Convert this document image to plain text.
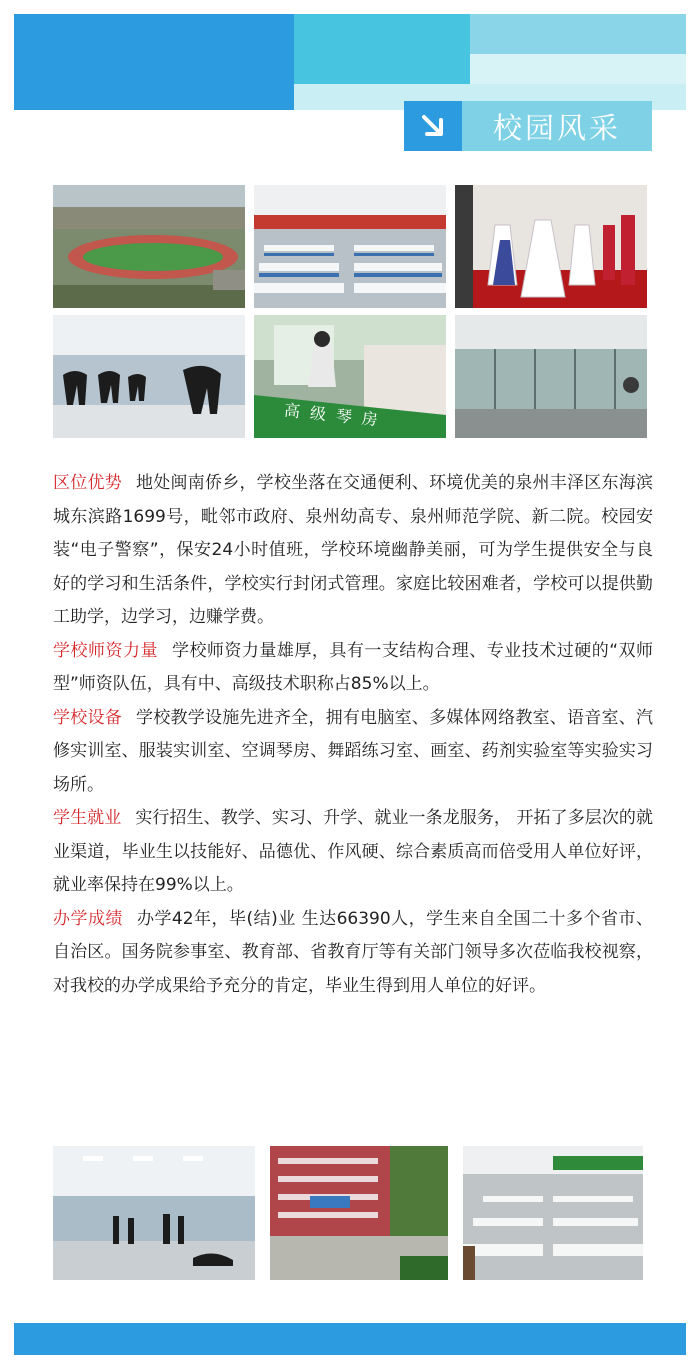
校园风采
高级琴房

区位优势 地处闽南侨乡，学校坐落在交通便利、环境优美的泉州丰泽区东海滨城东滨路1699号，毗邻市政府、泉州幼高专、泉州师范学院、新二院。校园安装“电子警察”，保安24小时值班，学校环境幽静美丽，可为学生提供安全与良好的学习和生活条件，学校实行封闭式管理。家庭比较困难者，学校可以提供勤工助学，边学习，边赚学费。

学校师资力量 学校师资力量雄厚，具有一支结构合理、专业技术过硬的“双师型”师资队伍，具有中、高级技术职称占85%以上。

学校设备 学校教学设施先进齐全，拥有电脑室、多媒体网络教室、语音室、汽修实训室、服装实训室、空调琴房、舞蹈练习室、画室、药剂实验室等实验实习场所。

学生就业 实行招生、教学、实习、升学、就业一条龙服务， 开拓了多层次的就业渠道，毕业生以技能好、品德优、作风硬、综合素质高而倍受用人单位好评，就业率保持在99%以上。

办学成绩 办学42年，毕(结)业 生达66390人，学生来自全国二十多个省市、自治区。国务院参事室、教育部、省教育厅等有关部门领导多次莅临我校视察，对我校的办学成果给予充分的肯定，毕业生得到用人单位的好评。
